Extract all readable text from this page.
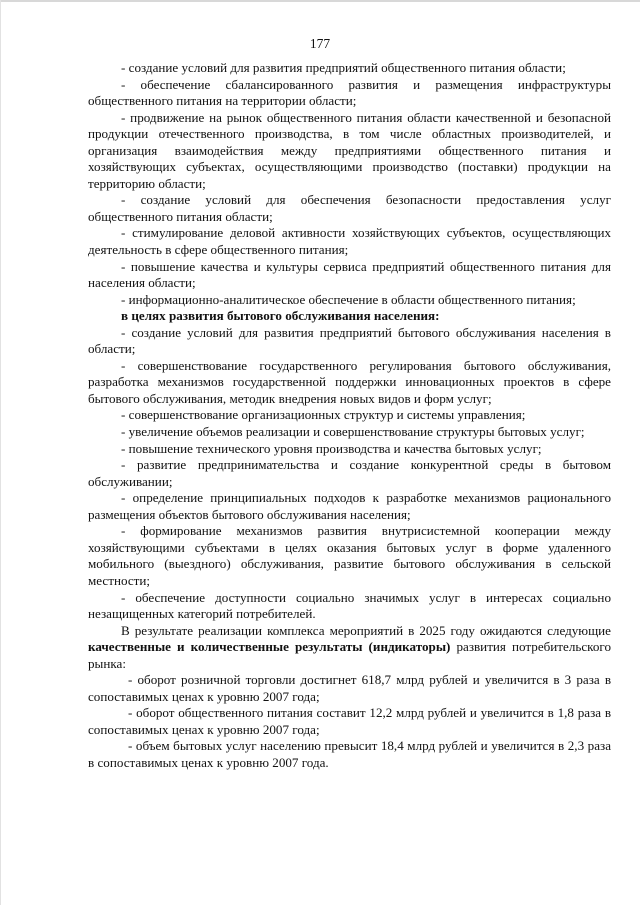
177

- создание условий для развития предприятий общественного питания области;

- обеспечение сбалансированного развития и размещения инфраструктуры общественного питания на территории области;

- продвижение на рынок общественного питания области качественной и безопасной продукции отечественного производства, в том числе областных производителей, и организация взаимодействия между предприятиями общественного питания и хозяйствующих субъектах, осуществляющими производство (поставки) продукции на территорию области;

- создание условий для обеспечения безопасности предоставления услуг общественного питания области;

- стимулирование деловой активности хозяйствующих субъектов, осуществляющих деятельность в сфере общественного питания;

- повышение качества и культуры сервиса предприятий общественного питания для населения области;

- информационно-аналитическое обеспечение в области общественного питания;

в целях развития бытового обслуживания населения:

- создание условий для развития предприятий бытового обслуживания населения в области;

- совершенствование государственного регулирования бытового обслуживания, разработка механизмов государственной поддержки инновационных проектов в сфере бытового обслуживания, методик внедрения новых видов и форм услуг;

- совершенствование организационных структур и системы управления;

- увеличение объемов реализации и совершенствование структуры бытовых услуг;

- повышение технического уровня производства и качества бытовых услуг;

- развитие предпринимательства и создание конкурентной среды в бытовом обслуживании;

- определение принципиальных подходов к разработке механизмов рационального размещения объектов бытового обслуживания населения;

- формирование механизмов развития внутрисистемной кооперации между хозяйствующими субъектами в целях оказания бытовых услуг в форме удаленного мобильного (выездного) обслуживания, развитие бытового обслуживания в сельской местности;

- обеспечение доступности социально значимых услуг в интересах социально незащищенных категорий потребителей.

В результате реализации комплекса мероприятий в 2025 году ожидаются следующие качественные и количественные результаты (индикаторы) развития потребительского рынка:

- оборот розничной торговли достигнет 618,7 млрд рублей и увеличится в 3 раза в сопоставимых ценах к уровню 2007 года;

- оборот общественного питания составит 12,2 млрд рублей и увеличится в 1,8 раза в сопоставимых ценах к уровню 2007 года;

- объем бытовых услуг населению превысит 18,4 млрд рублей и увеличится в 2,3 раза в сопоставимых ценах к уровню 2007 года.
